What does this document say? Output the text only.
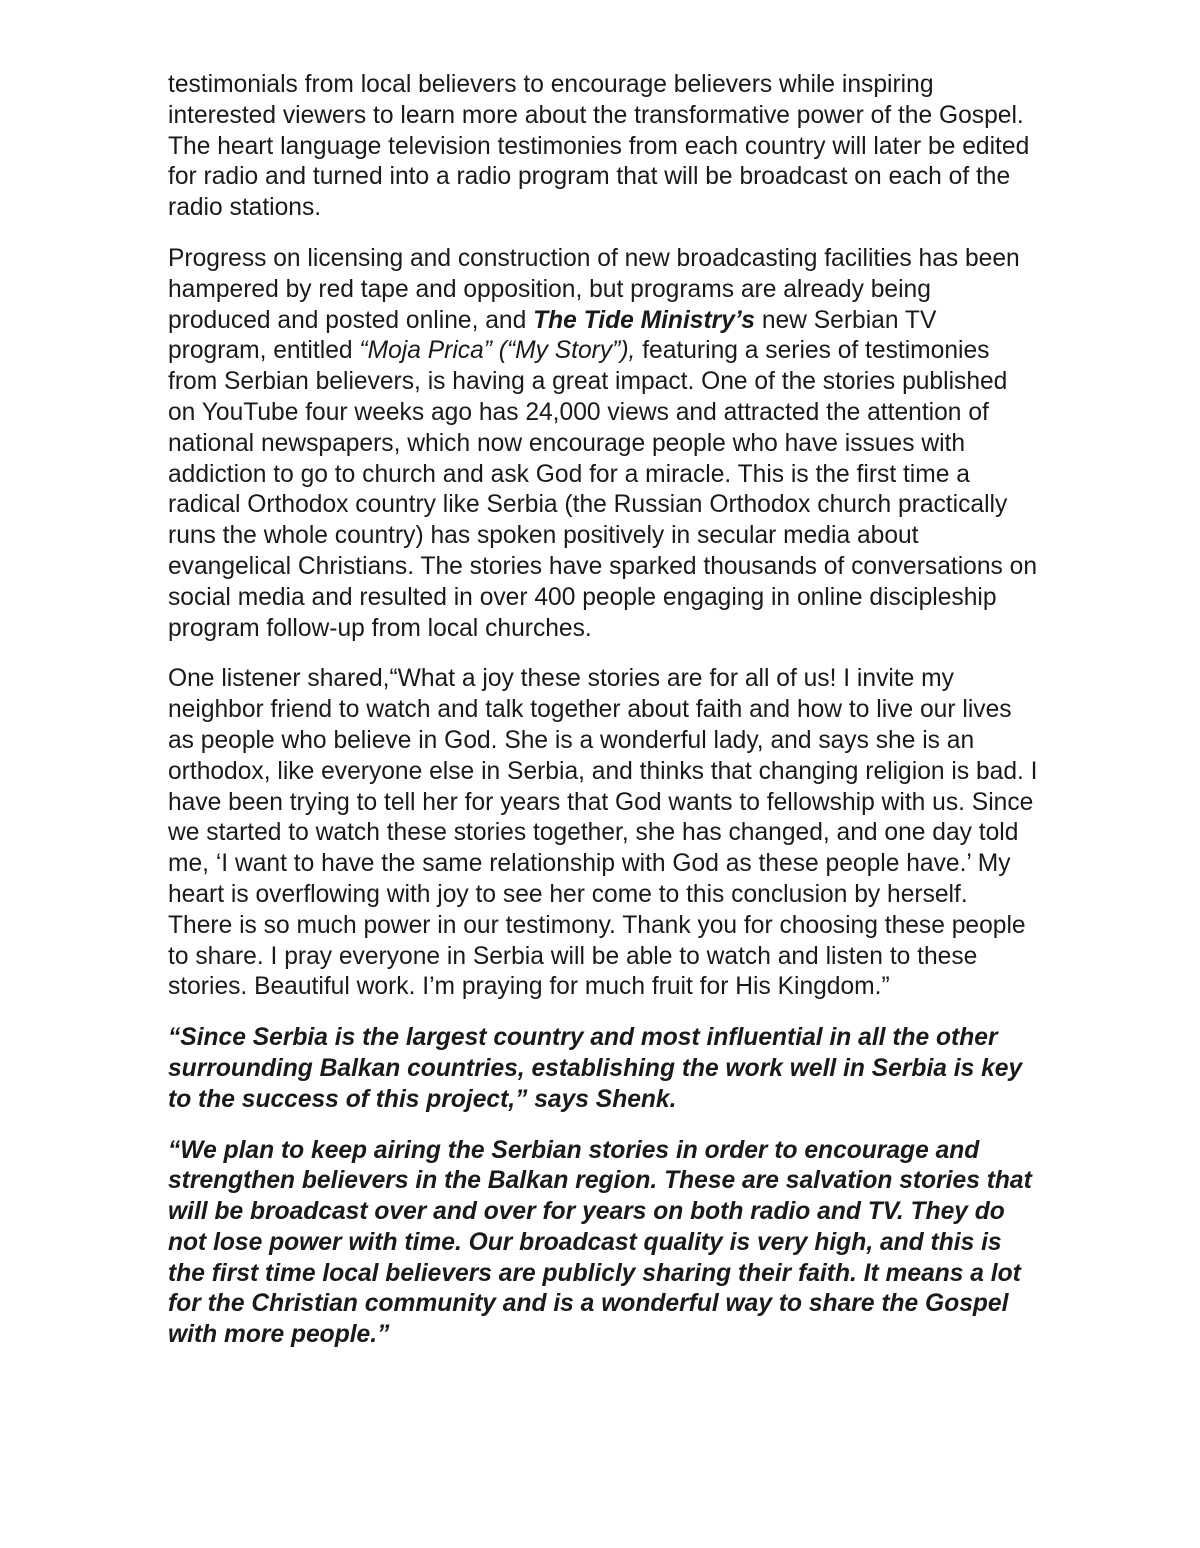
testimonials from local believers to encourage believers while inspiring interested viewers to learn more about the transformative power of the Gospel. The heart language television testimonies from each country will later be edited for radio and turned into a radio program that will be broadcast on each of the radio stations.

Progress on licensing and construction of new broadcasting facilities has been hampered by red tape and opposition, but programs are already being produced and posted online, and The Tide Ministry’s new Serbian TV program, entitled “Moja Prica” (“My Story”), featuring a series of testimonies from Serbian believers, is having a great impact. One of the stories published on YouTube four weeks ago has 24,000 views and attracted the attention of national newspapers, which now encourage people who have issues with addiction to go to church and ask God for a miracle. This is the first time a radical Orthodox country like Serbia (the Russian Orthodox church practically runs the whole country) has spoken positively in secular media about evangelical Christians. The stories have sparked thousands of conversations on social media and resulted in over 400 people engaging in online discipleship program follow-up from local churches.

One listener shared,“What a joy these stories are for all of us! I invite my neighbor friend to watch and talk together about faith and how to live our lives as people who believe in God. She is a wonderful lady, and says she is an orthodox, like everyone else in Serbia, and thinks that changing religion is bad. I have been trying to tell her for years that God wants to fellowship with us. Since we started to watch these stories together, she has changed, and one day told me, ‘I want to have the same relationship with God as these people have.’ My heart is overflowing with joy to see her come to this conclusion by herself. There is so much power in our testimony. Thank you for choosing these people to share. I pray everyone in Serbia will be able to watch and listen to these stories. Beautiful work. I’m praying for much fruit for His Kingdom.”

“Since Serbia is the largest country and most influential in all the other surrounding Balkan countries, establishing the work well in Serbia is key to the success of this project,” says Shenk.

“We plan to keep airing the Serbian stories in order to encourage and strengthen believers in the Balkan region. These are salvation stories that will be broadcast over and over for years on both radio and TV. They do not lose power with time. Our broadcast quality is very high, and this is the first time local believers are publicly sharing their faith. It means a lot for the Christian community and is a wonderful way to share the Gospel with more people.”
